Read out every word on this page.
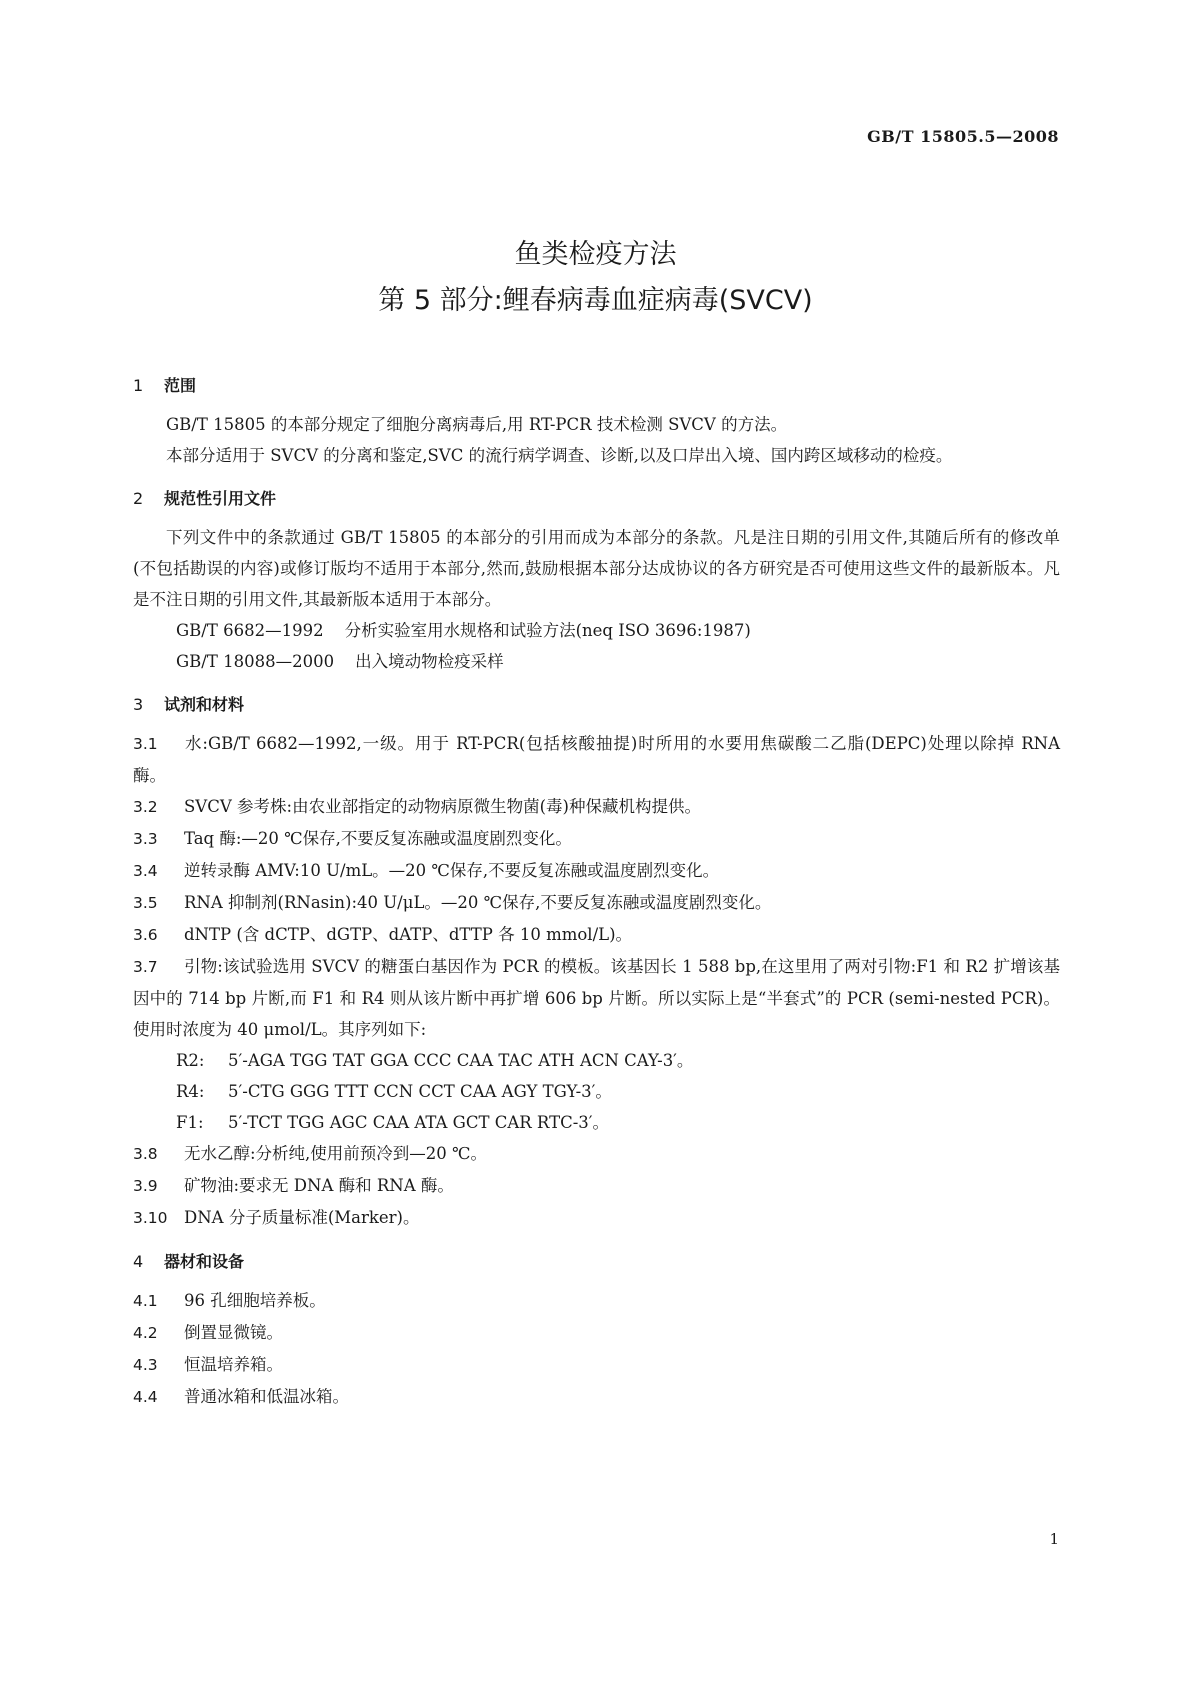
GB/T 15805.5—2008
鱼类检疫方法
第 5 部分:鲤春病毒血症病毒(SVCV)
1 范围

GB/T 15805 的本部分规定了细胞分离病毒后,用 RT-PCR 技术检测 SVCV 的方法。

本部分适用于 SVCV 的分离和鉴定,SVC 的流行病学调查、诊断,以及口岸出入境、国内跨区域移动的检疫。

2 规范性引用文件

下列文件中的条款通过 GB/T 15805 的本部分的引用而成为本部分的条款。凡是注日期的引用文件,其随后所有的修改单(不包括勘误的内容)或修订版均不适用于本部分,然而,鼓励根据本部分达成协议的各方研究是否可使用这些文件的最新版本。凡是不注日期的引用文件,其最新版本适用于本部分。

GB/T 6682—1992 分析实验室用水规格和试验方法(neq ISO 3696:1987)

GB/T 18088—2000 出入境动物检疫采样

3 试剂和材料

3.1 水:GB/T 6682—1992,一级。用于 RT-PCR(包括核酸抽提)时所用的水要用焦碳酸二乙脂(DEPC)处理以除掉 RNA 酶。

3.2 SVCV 参考株:由农业部指定的动物病原微生物菌(毒)种保藏机构提供。

3.3 Taq 酶:—20 ℃保存,不要反复冻融或温度剧烈变化。

3.4 逆转录酶 AMV:10 U/mL。—20 ℃保存,不要反复冻融或温度剧烈变化。

3.5 RNA 抑制剂(RNasin):40 U/μL。—20 ℃保存,不要反复冻融或温度剧烈变化。

3.6 dNTP (含 dCTP、dGTP、dATP、dTTP 各 10 mmol/L)。

3.7 引物:该试验选用 SVCV 的糖蛋白基因作为 PCR 的模板。该基因长 1 588 bp,在这里用了两对引物:F1 和 R2 扩增该基因中的 714 bp 片断,而 F1 和 R4 则从该片断中再扩增 606 bp 片断。所以实际上是“半套式”的 PCR (semi-nested PCR)。使用时浓度为 40 μmol/L。其序列如下:

R2: 5′-AGA TGG TAT GGA CCC CAA TAC ATH ACN CAY-3′。

R4: 5′-CTG GGG TTT CCN CCT CAA AGY TGY-3′。

F1: 5′-TCT TGG AGC CAA ATA GCT CAR RTC-3′。

3.8 无水乙醇:分析纯,使用前预冷到—20 ℃。

3.9 矿物油:要求无 DNA 酶和 RNA 酶。

3.10 DNA 分子质量标准(Marker)。

4 器材和设备

4.1 96 孔细胞培养板。

4.2 倒置显微镜。

4.3 恒温培养箱。

4.4 普通冰箱和低温冰箱。

1
